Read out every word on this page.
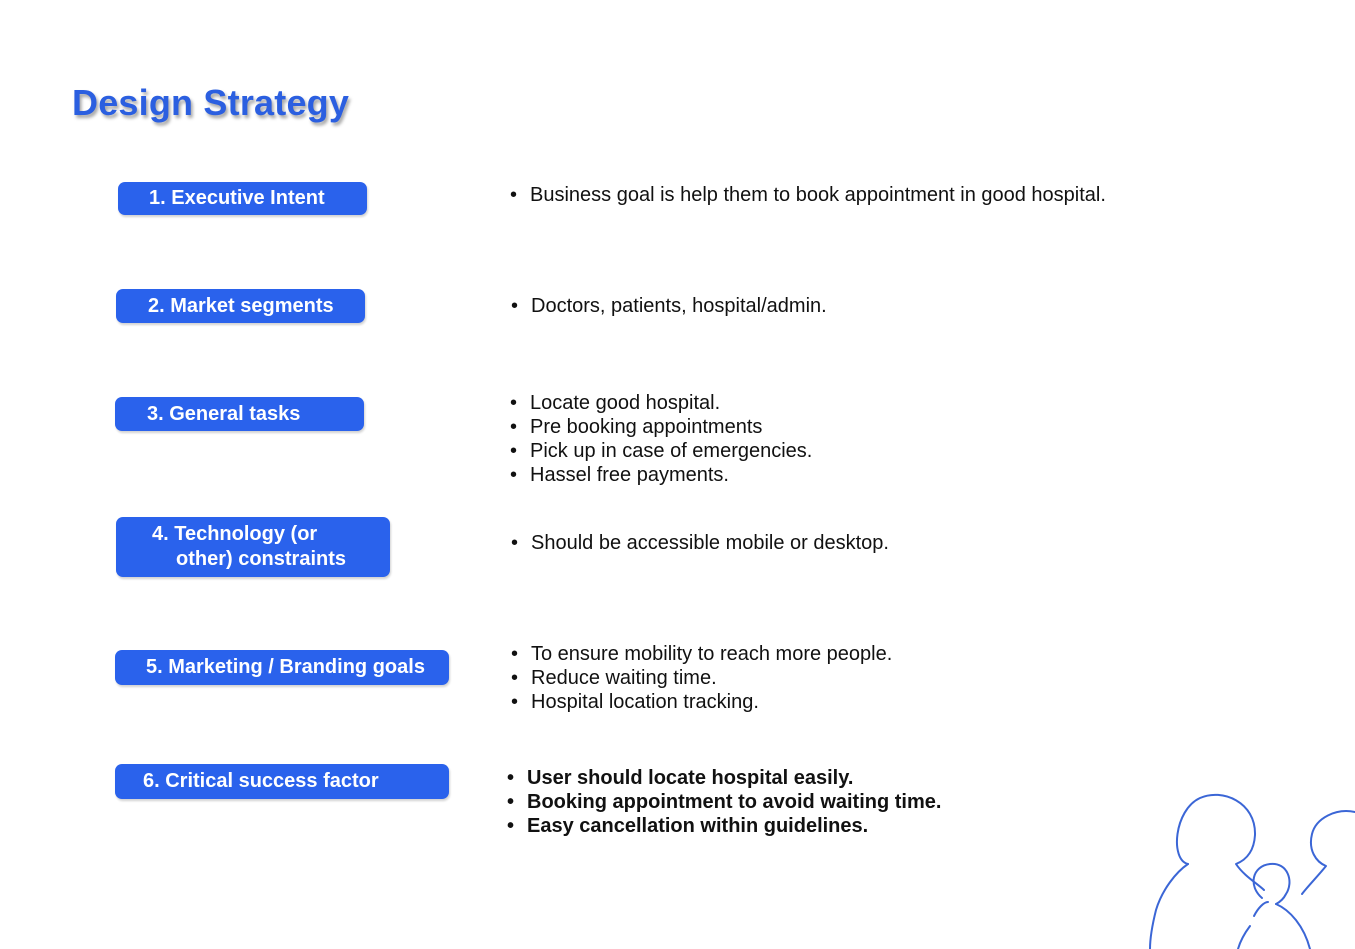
Design Strategy
1. Executive Intent	• Business goal is help them to book appointment in good hospital.
2. Market segments	• Doctors, patients, hospital/admin.
3. General tasks	• Locate good hospital.
• Pre booking appointments
• Pick up in case of emergencies.
• Hassel free payments.
4. Technology (or
other) constraints
• Should be accessible mobile or desktop.
5. Marketing / Branding goals
• To ensure mobility to reach more people.
• Reduce waiting time.
• Hospital location tracking.
6. Critical success factor	• User should locate hospital easily.
• Booking appointment to avoid waiting time.
• Easy cancellation within guidelines.
